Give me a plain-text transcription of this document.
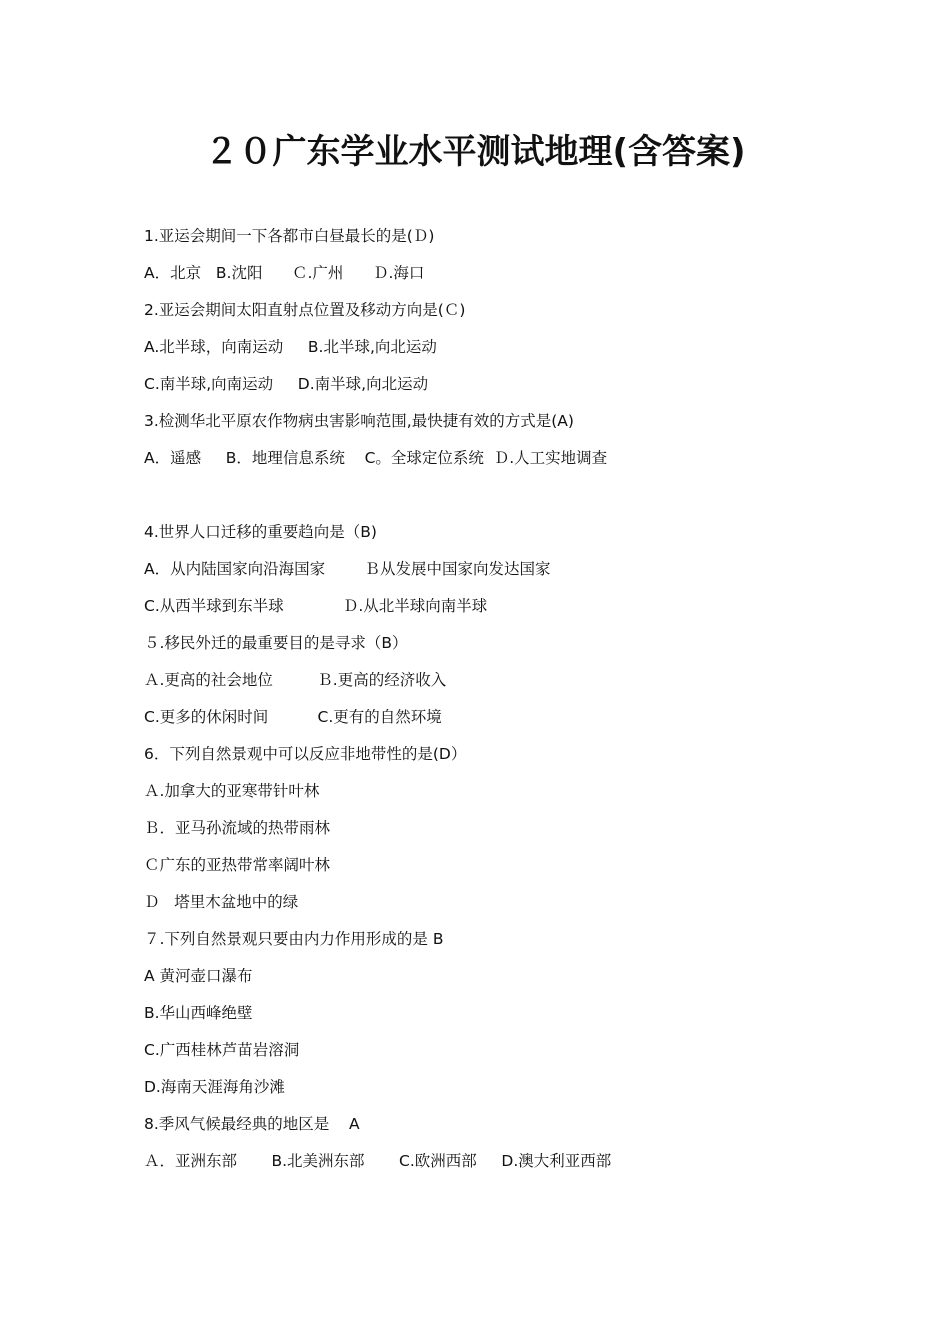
２０广东学业水平测试地理(含答案)
1.亚运会期间一下各都市白昼最长的是(Ｄ)
A．北京   B.沈阳      Ｃ.广州      Ｄ.海口
2.亚运会期间太阳直射点位置及移动方向是(Ｃ)
A.北半球，向南运动     B.北半球,向北运动
C.南半球,向南运动     D.南半球,向北运动
3.检测华北平原农作物病虫害影响范围,最快捷有效的方式是(A)
A．遥感     B．地理信息系统    C。全球定位系统  Ｄ.人工实地调查
4.世界人口迁移的重要趋向是（B)
A．从内陆国家向沿海国家        Ｂ从发展中国家向发达国家
C.从西半球到东半球            Ｄ.从北半球向南半球
５.移民外迁的最重要目的是寻求（B）
Ａ.更高的社会地位         Ｂ.更高的经济收入
C.更多的休闲时间          C.更有的自然环境
6．下列自然景观中可以反应非地带性的是(D）
Ａ.加拿大的亚寒带针叶林
Ｂ．亚马孙流域的热带雨林
Ｃ广东的亚热带常率阔叶林
Ｄ   塔里木盆地中的绿
７.下列自然景观只要由内力作用形成的是 B
A 黄河壶口瀑布
B.华山西峰绝壁
C.广西桂林芦苗岩溶洞
D.海南天涯海角沙滩
8.季风气候最经典的地区是    A
Ａ．亚洲东部       B.北美洲东部       C.欧洲西部     D.澳大利亚西部
